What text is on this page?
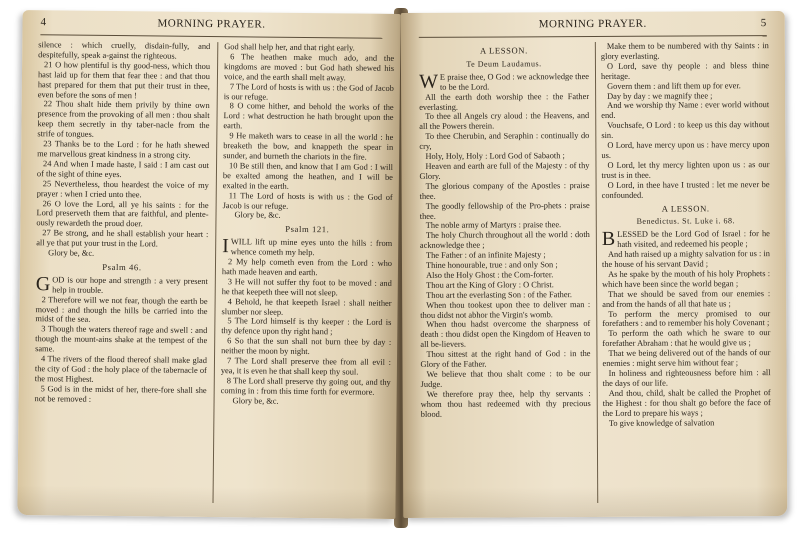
4	MORNING PRAYER.

silence : which cruelly, disdain-fully, and despitefully, speak a-gainst the righteous.

21 O how plentiful is thy good-ness, which thou hast laid up for them that fear thee : and that thou hast prepared for them that put their trust in thee, even before the sons of men !

22 Thou shalt hide them privily by thine own presence from the provoking of all men : thou shalt keep them secretly in thy taber-nacle from the strife of tongues.

23 Thanks be to the Lord : for he hath shewed me marvellous great kindness in a strong city.

24 And when I made haste, I said : I am cast out of the sight of thine eyes.

25 Nevertheless, thou heardest the voice of my prayer : when I cried unto thee.

26 O love the Lord, all ye his saints : for the Lord preserveth them that are faithful, and plente-ously rewardeth the proud doer.

27 Be strong, and he shall establish your heart : all ye that put your trust in the Lord.

Glory be, &c.

Psalm 46.

GOD is our hope and strength : a very present help in trouble.

2 Therefore will we not fear, though the earth be moved : and though the hills be carried into the midst of the sea.

3 Though the waters thereof rage and swell : and though the mount-ains shake at the tempest of the same.

4 The rivers of the flood thereof shall make glad the city of God : the holy place of the tabernacle of the most Highest.

5 God is in the midst of her, there-fore shall she not be removed :

God shall help her, and that right early.

6 The heathen make much ado, and the kingdoms are moved : but God hath shewed his voice, and the earth shall melt away.

7 The Lord of hosts is with us : the God of Jacob is our refuge.

8 O come hither, and behold the works of the Lord : what destruction he hath brought upon the earth.

9 He maketh wars to cease in all the world : he breaketh the bow, and knappeth the spear in sunder, and burneth the chariots in the fire.

10 Be still then, and know that I am God : I will be exalted among the heathen, and I will be exalted in the earth.

11 The Lord of hosts is with us : the God of Jacob is our refuge.

Glory be, &c.

Psalm 121.

I WILL lift up mine eyes unto the hills : from whence cometh my help.

2 My help cometh even from the Lord : who hath made heaven and earth.

3 He will not suffer thy foot to be moved : and he that keepeth thee will not sleep.

4 Behold, he that keepeth Israel : shall neither slumber nor sleep.

5 The Lord himself is thy keeper : the Lord is thy defence upon thy right hand ;

6 So that the sun shall not burn thee by day : neither the moon by night.

7 The Lord shall preserve thee from all evil : yea, it is even he that shall keep thy soul.

8 The Lord shall preserve thy going out, and thy coming in : from this time forth for evermore.

Glory be, &c.

MORNING PRAYER.	5

A LESSON.

Te Deum Laudamus.

W E praise thee, O God : we acknowledge thee to be the Lord.

All the earth doth worship thee : the Father everlasting.

To thee all Angels cry aloud : the Heavens, and all the Powers therein.

To thee Cherubin, and Seraphin : continually do cry,

Holy, Holy, Holy : Lord God of Sabaoth ;

Heaven and earth are full of the Majesty : of thy Glory.

The glorious company of the Apostles : praise thee.

The goodly fellowship of the Pro-phets : praise thee.

The noble army of Martyrs : praise thee.

The holy Church throughout all the world : doth acknowledge thee ;

The Father : of an infinite Majesty ;

Thine honourable, true : and only Son ;

Also the Holy Ghost : the Com-forter.

Thou art the King of Glory : O Christ.

Thou art the everlasting Son : of the Father.

When thou tookest upon thee to deliver man : thou didst not abhor the Virgin's womb.

When thou hadst overcome the sharpness of death : thou didst open the Kingdom of Heaven to all be-lievers.

Thou sittest at the right hand of God : in the Glory of the Father.

We believe that thou shalt come : to be our Judge.

We therefore pray thee, help thy servants : whom thou hast redeemed with thy precious blood.

Make them to be numbered with thy Saints : in glory everlasting.

O Lord, save thy people : and bless thine heritage.

Govern them : and lift them up for ever.

Day by day : we magnify thee ;

And we worship thy Name : ever world without end.

Vouchsafe, O Lord : to keep us this day without sin.

O Lord, have mercy upon us : have mercy upon us.

O Lord, let thy mercy lighten upon us : as our trust is in thee.

O Lord, in thee have I trusted : let me never be confounded.

A LESSON.

Benedictus. St. Luke i. 68.

BLESSED be the Lord God of Israel : for he hath visited, and redeemed his people ;

And hath raised up a mighty salvation for us : in the house of his servant David ;

As he spake by the mouth of his holy Prophets : which have been since the world began ;

That we should be saved from our enemies : and from the hands of all that hate us ;

To perform the mercy promised to our forefathers : and to remember his holy Covenant ;

To perform the oath which he sware to our forefather Abraham : that he would give us ;

That we being delivered out of the hands of our enemies : might serve him without fear ;

In holiness and righteousness before him : all the days of our life.

And thou, child, shalt be called the Prophet of the Highest : for thou shalt go before the face of the Lord to prepare his ways ;

To give knowledge of salvation
